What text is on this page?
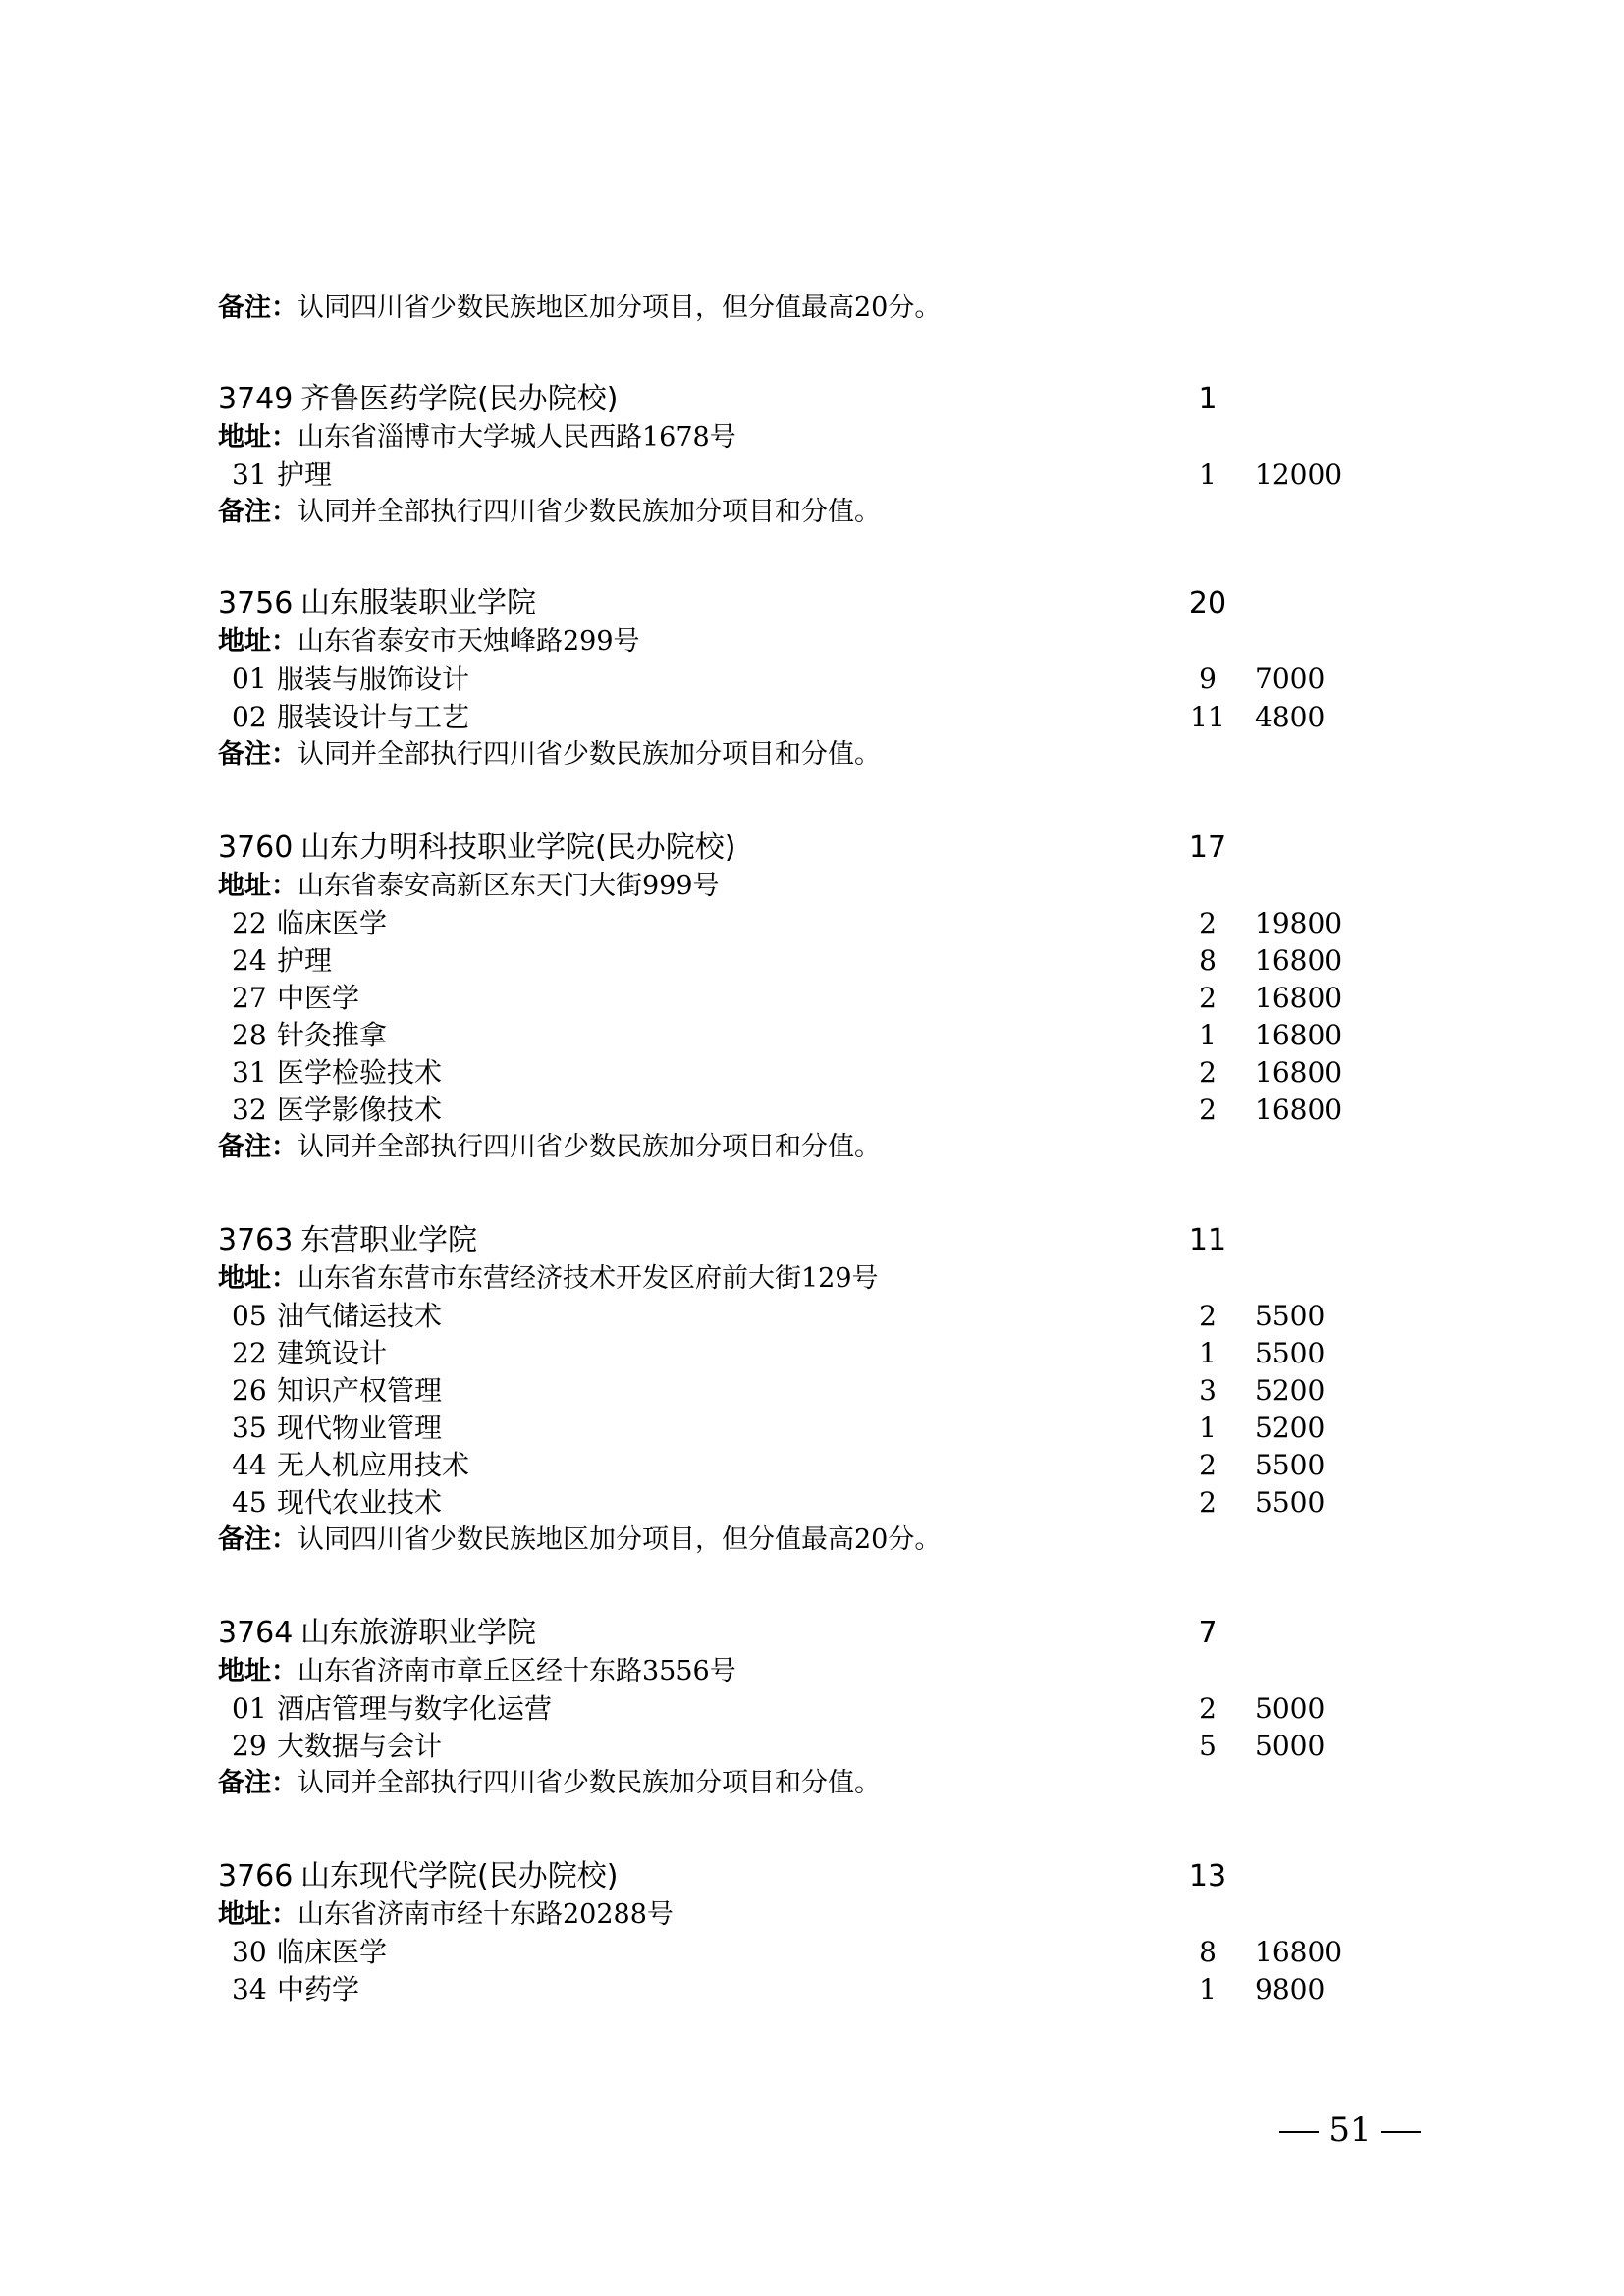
备注：认同四川省少数民族地区加分项目，但分值最高20分。
3749 齐鲁医药学院(民办院校)	1
地址：山东省淄博市大学城人民西路1678号
31 护理	1	12000
备注：认同并全部执行四川省少数民族加分项目和分值。
3756 山东服装职业学院	20
地址：山东省泰安市天烛峰路299号
01 服装与服饰设计	9	7000
02 服装设计与工艺	11	4800
备注：认同并全部执行四川省少数民族加分项目和分值。
3760 山东力明科技职业学院(民办院校)	17
地址：山东省泰安高新区东天门大街999号
22 临床医学	2	19800
24 护理	8	16800
27 中医学	2	16800
28 针灸推拿	1	16800
31 医学检验技术	2	16800
32 医学影像技术	2	16800
备注：认同并全部执行四川省少数民族加分项目和分值。
3763 东营职业学院	11
地址：山东省东营市东营经济技术开发区府前大街129号
05 油气储运技术	2	5500
22 建筑设计	1	5500
26 知识产权管理	3	5200
35 现代物业管理	1	5200
44 无人机应用技术	2	5500
45 现代农业技术	2	5500
备注：认同四川省少数民族地区加分项目，但分值最高20分。
3764 山东旅游职业学院	7
地址：山东省济南市章丘区经十东路3556号
01 酒店管理与数字化运营	2	5000
29 大数据与会计	5	5000
备注：认同并全部执行四川省少数民族加分项目和分值。
3766 山东现代学院(民办院校)	13
地址：山东省济南市经十东路20288号
30 临床医学	8	16800
34 中药学	1	9800
51
